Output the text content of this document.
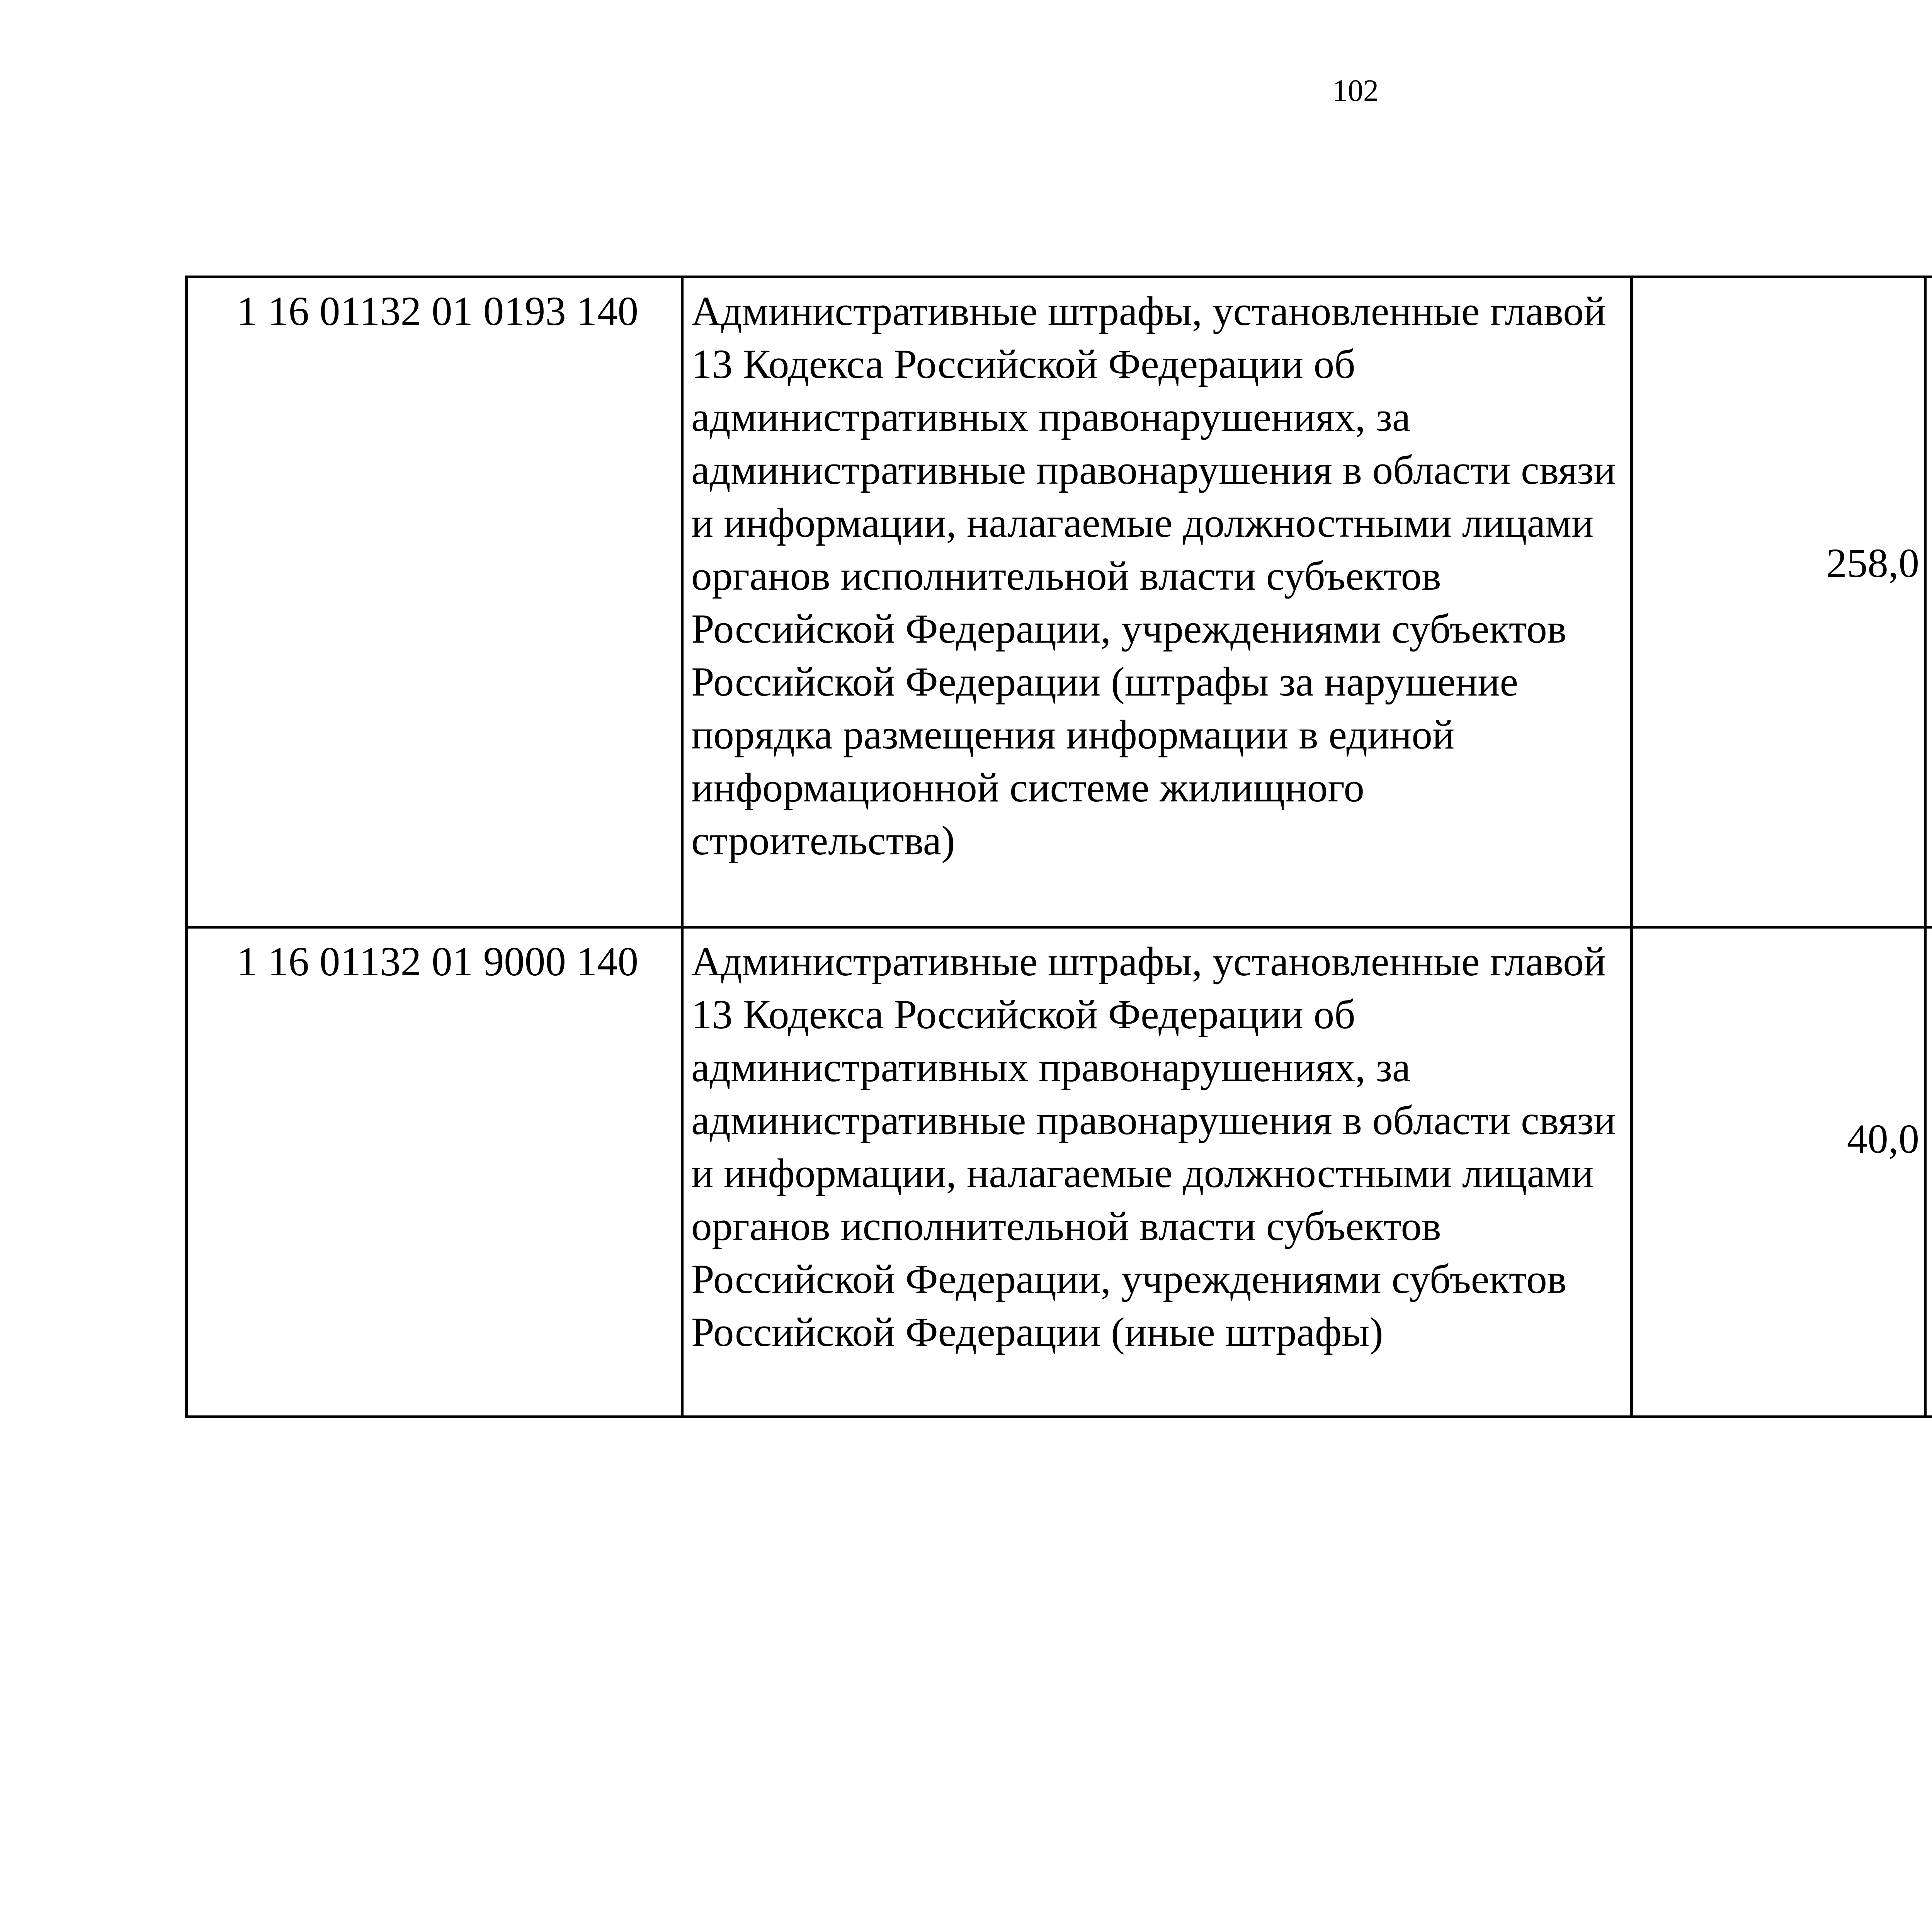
102
1 16 01132 01 0193 140	Административные штрафы, установленные главой 13 Кодекса Российской Федерации об административных правонарушениях, за административные правонарушения в области связи и информации, налагаемые должностными лицами органов исполнительной власти субъектов Российской Федерации, учреждениями субъектов Российской Федерации (штрафы за нарушение порядка размещения информации в единой информационной системе жилищного строительства)	258,0		
1 16 01132 01 9000 140	Административные штрафы, установленные главой 13 Кодекса Российской Федерации об административных правонарушениях, за административные правонарушения в области связи и информации, налагаемые должностными лицами органов исполнительной власти субъектов Российской Федерации, учреждениями субъектов Российской Федерации (иные штрафы)	40,0		
